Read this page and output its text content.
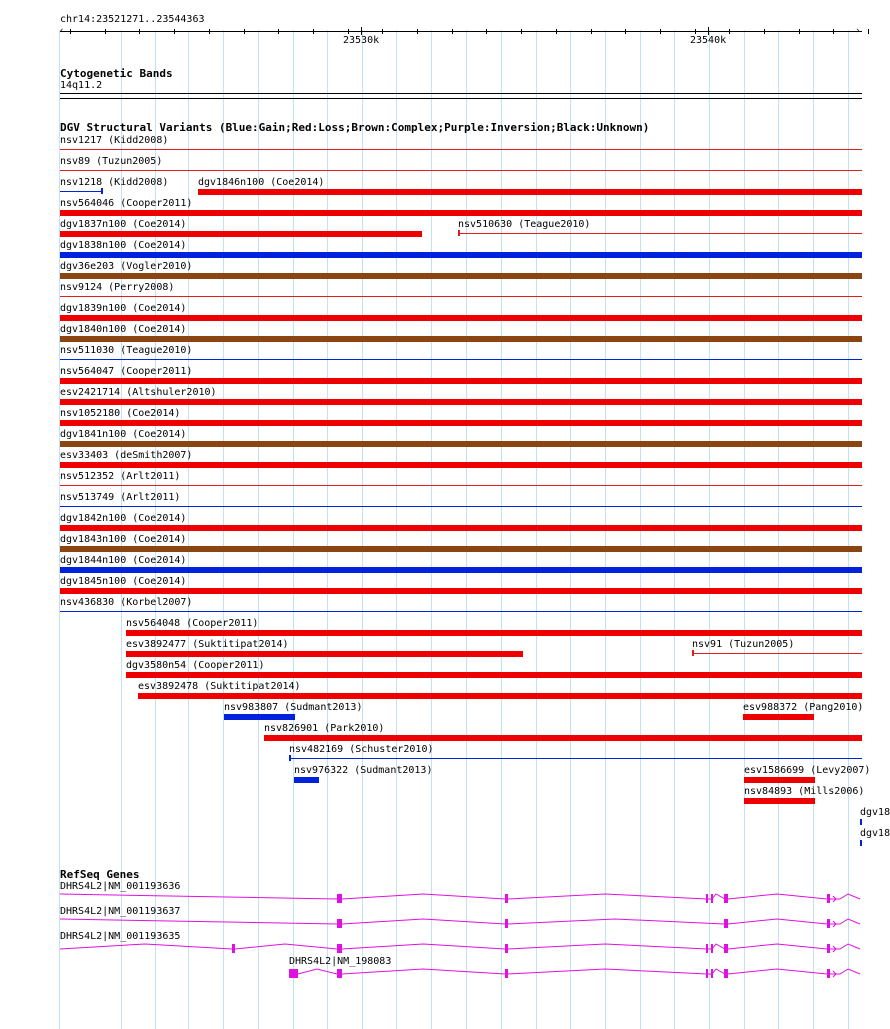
chr14:23521271..23544363
‹	›
23530k	23540k
Cytogenetic Bands
14q11.2
DGV Structural Variants (Blue:Gain;Red:Loss;Brown:Complex;Purple:Inversion;Black:Unknown)
nsv1217 (Kidd2008)
nsv89 (Tuzun2005)
nsv1218 (Kidd2008)	dgv1846n100 (Coe2014)
nsv564046 (Cooper2011)
dgv1837n100 (Coe2014)	nsv510630 (Teague2010)
dgv1838n100 (Coe2014)
dgv36e203 (Vogler2010)
nsv9124 (Perry2008)
dgv1839n100 (Coe2014)
dgv1840n100 (Coe2014)
nsv511030 (Teague2010)
nsv564047 (Cooper2011)
esv2421714 (Altshuler2010)
nsv1052180 (Coe2014)
dgv1841n100 (Coe2014)
esv33403 (deSmith2007)
nsv512352 (Arlt2011)
nsv513749 (Arlt2011)
dgv1842n100 (Coe2014)
dgv1843n100 (Coe2014)
dgv1844n100 (Coe2014)
dgv1845n100 (Coe2014)
nsv436830 (Korbel2007)
nsv564048 (Cooper2011)
esv3892477 (Suktitipat2014)	nsv91 (Tuzun2005)
dgv3580n54 (Cooper2011)
esv3892478 (Suktitipat2014)
nsv983807 (Sudmant2013)	esv988372 (Pang2010)
nsv826901 (Park2010)
nsv482169 (Schuster2010)
nsv976322 (Sudmant2013)	esv1586699 (Levy2007)
nsv84893 (Mills2006)
dgv18
dgv18
RefSeq Genes
DHRS4L2|NM_001193636
DHRS4L2|NM_001193637
DHRS4L2|NM_001193635
DHRS4L2|NM_198083
